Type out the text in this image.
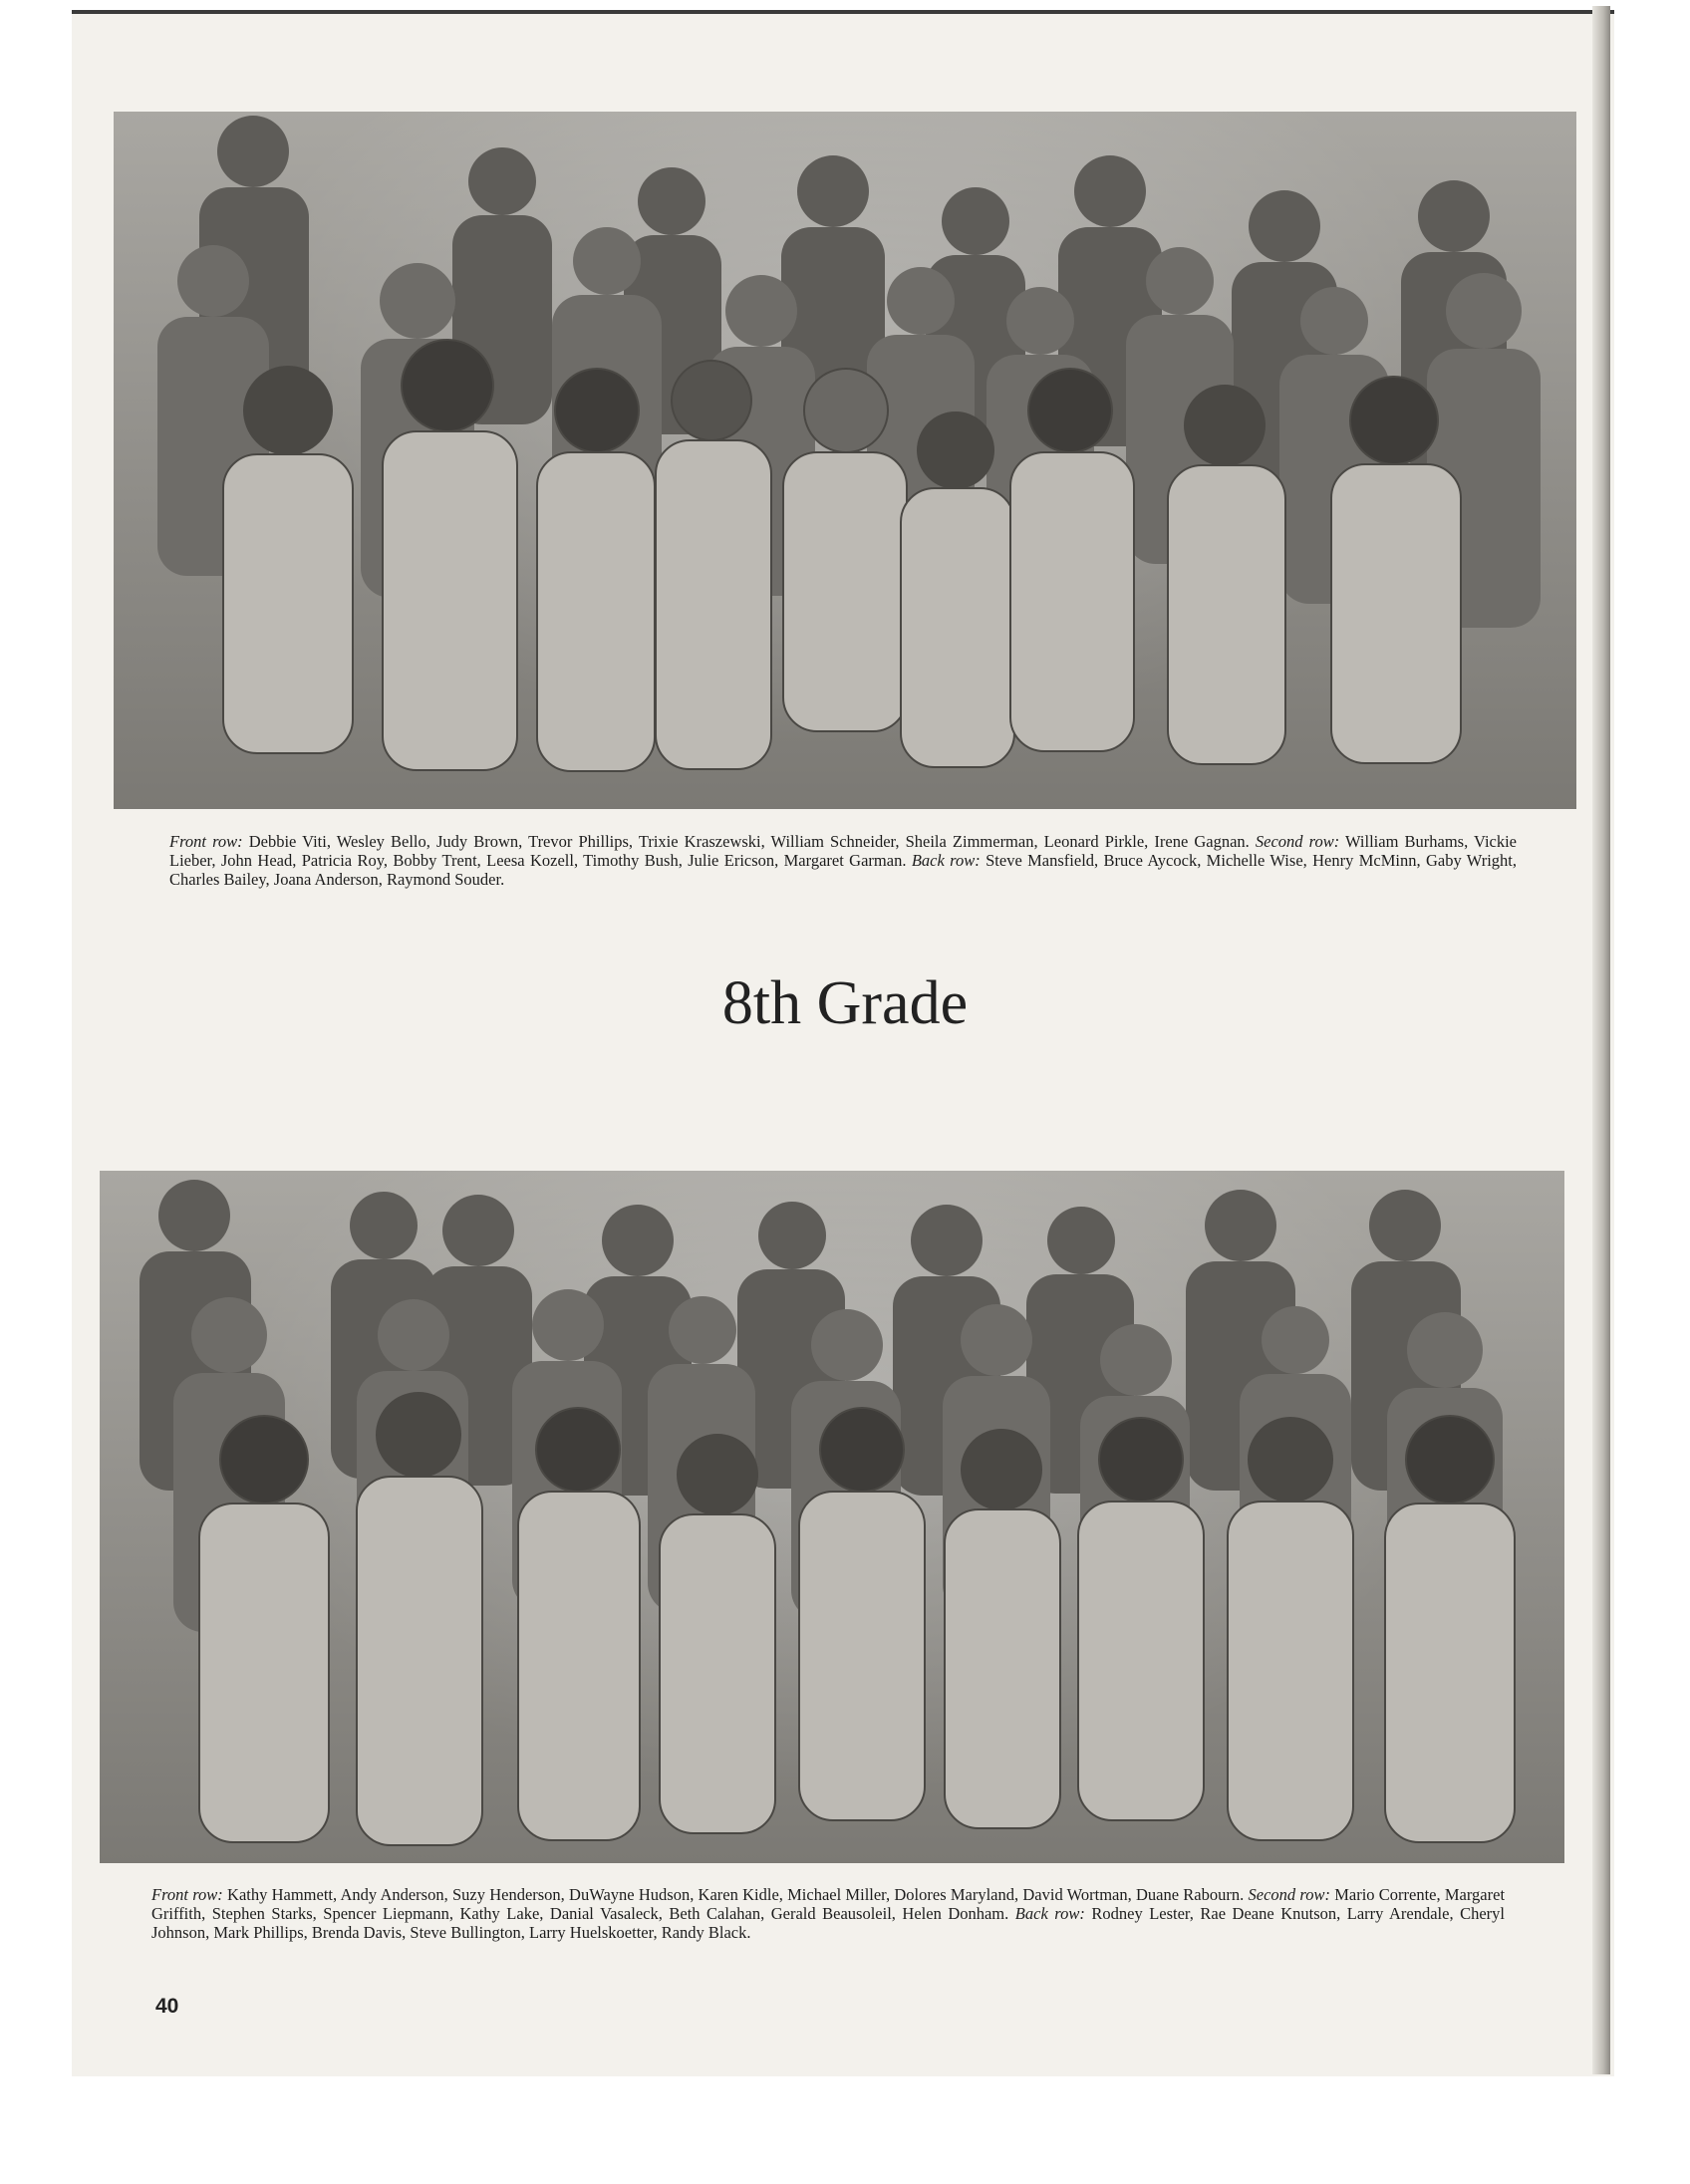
Front row: Debbie Viti, Wesley Bello, Judy Brown, Trevor Phillips, Trixie Kraszewski, William Schneider, Sheila Zimmerman, Leonard Pirkle, Irene Gagnan. Second row: William Burhams, Vickie Lieber, John Head, Patricia Roy, Bobby Trent, Leesa Kozell, Timothy Bush, Julie Ericson, Margaret Garman. Back row: Steve Mansfield, Bruce Aycock, Michelle Wise, Henry McMinn, Gaby Wright, Charles Bailey, Joana Anderson, Raymond Souder.

8th Grade

Front row: Kathy Hammett, Andy Anderson, Suzy Henderson, DuWayne Hudson, Karen Kidle, Michael Miller, Dolores Maryland, David Wortman, Duane Rabourn. Second row: Mario Corrente, Margaret Griffith, Stephen Starks, Spencer Liepmann, Kathy Lake, Danial Vasaleck, Beth Calahan, Gerald Beausoleil, Helen Donham. Back row: Rodney Lester, Rae Deane Knutson, Larry Arendale, Cheryl Johnson, Mark Phillips, Brenda Davis, Steve Bullington, Larry Huelskoetter, Randy Black.

40
